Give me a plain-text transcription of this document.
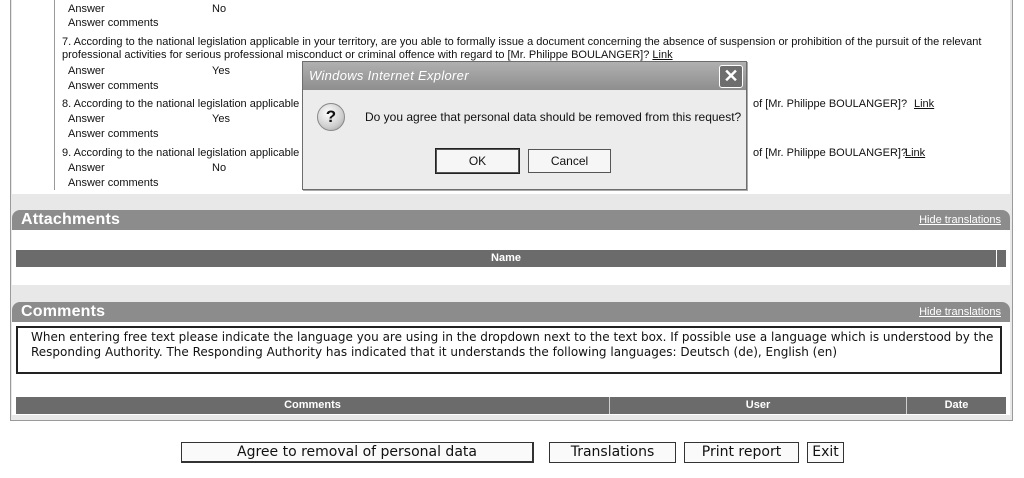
Answer	No
Answer comments
7. According to the national legislation applicable in your territory, are you able to formally issue a document concerning the absence of suspension or prohibition of the pursuit of the relevant professional activities for serious professional misconduct or criminal offence with regard to [Mr. Philippe BOULANGER]? Link
Answer	Yes
Answer comments
8. According to the national legislation applicable	of [Mr. Philippe BOULANGER]? Link
Answer	Yes
Answer comments
9. According to the national legislation applicable	of [Mr. Philippe BOULANGER]?
Link
Answer	No
Answer comments
Attachments	Hide translations
Name
Comments	Hide translations
When entering free text please indicate the language you are using in the dropdown next to the text box. If possible use a language which is understood by the Responding Authority. The Responding Authority has indicated that it understands the following languages: Deutsch (de), English (en)
Comments	User	Date
Windows Internet Explorer	✕
?	Do you agree that personal data should be removed from this request?
OK	Cancel
Agree to removal of personal data	Translations	Print report	Exit
